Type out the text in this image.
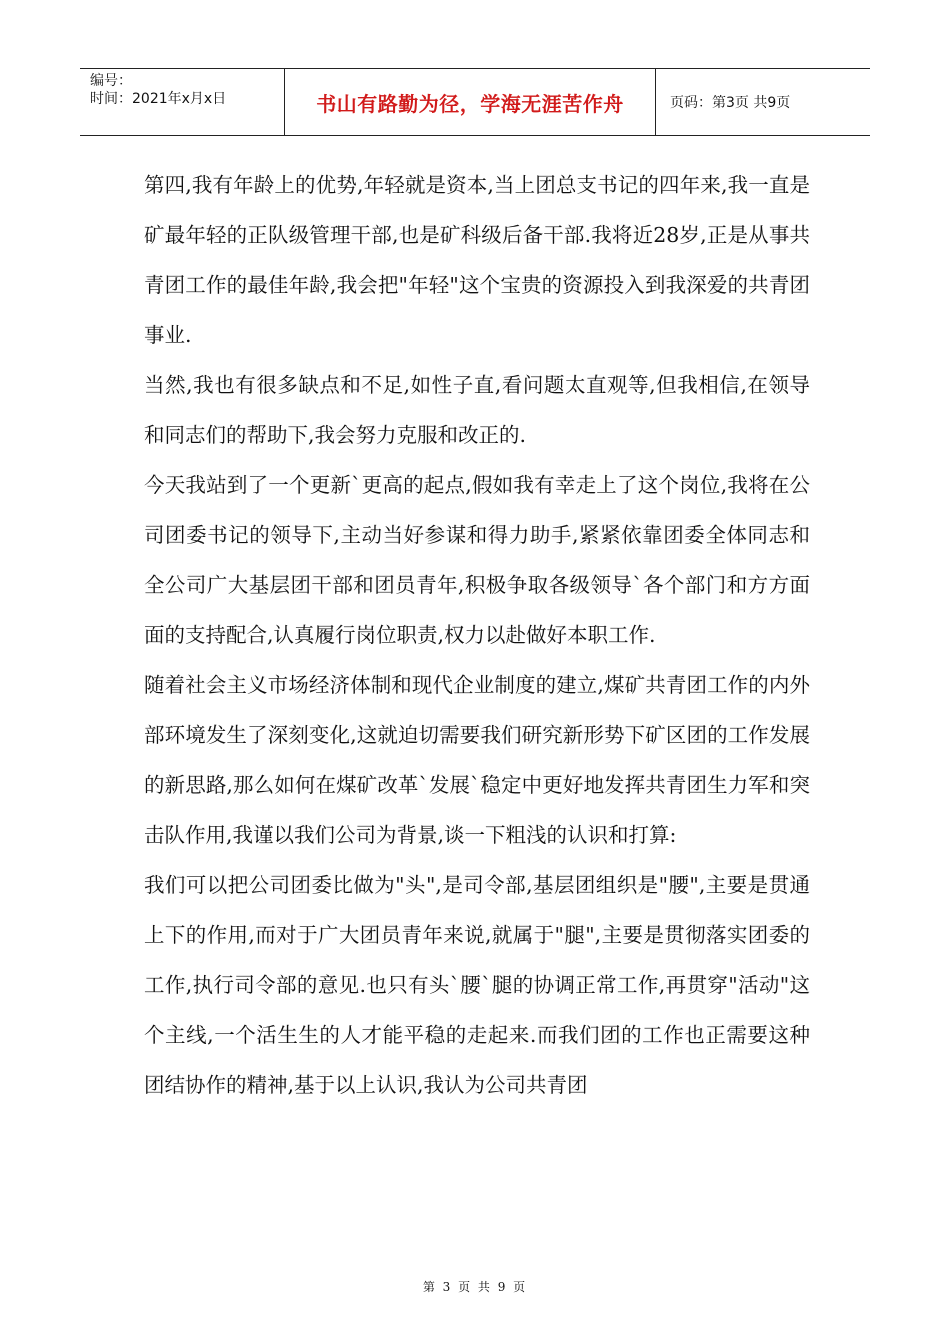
编号：
时间：2021年x月x日	书山有路勤为径，学海无涯苦作舟	页码：第3页 共9页

第四,我有年龄上的优势,年轻就是资本,当上团总支书记的四年来,我一直是矿最年轻的正队级管理干部,也是矿科级后备干部.我将近28岁,正是从事共青团工作的最佳年龄,我会把"年轻"这个宝贵的资源投入到我深爱的共青团事业.

当然,我也有很多缺点和不足,如性子直,看问题太直观等,但我相信,在领导和同志们的帮助下,我会努力克服和改正的.

今天我站到了一个更新`更高的起点,假如我有幸走上了这个岗位,我将在公司团委书记的领导下,主动当好参谋和得力助手,紧紧依靠团委全体同志和全公司广大基层团干部和团员青年,积极争取各级领导`各个部门和方方面面的支持配合,认真履行岗位职责,权力以赴做好本职工作.

随着社会主义市场经济体制和现代企业制度的建立,煤矿共青团工作的内外部环境发生了深刻变化,这就迫切需要我们研究新形势下矿区团的工作发展的新思路,那么如何在煤矿改革`发展`稳定中更好地发挥共青团生力军和突击队作用,我谨以我们公司为背景,谈一下粗浅的认识和打算:

我们可以把公司团委比做为"头",是司令部,基层团组织是"腰",主要是贯通上下的作用,而对于广大团员青年来说,就属于"腿",主要是贯彻落实团委的工作,执行司令部的意见.也只有头`腰`腿的协调正常工作,再贯穿"活动"这个主线,一个活生生的人才能平稳的走起来.而我们团的工作也正需要这种团结协作的精神,基于以上认识,我认为公司共青团

第 3 页 共 9 页
